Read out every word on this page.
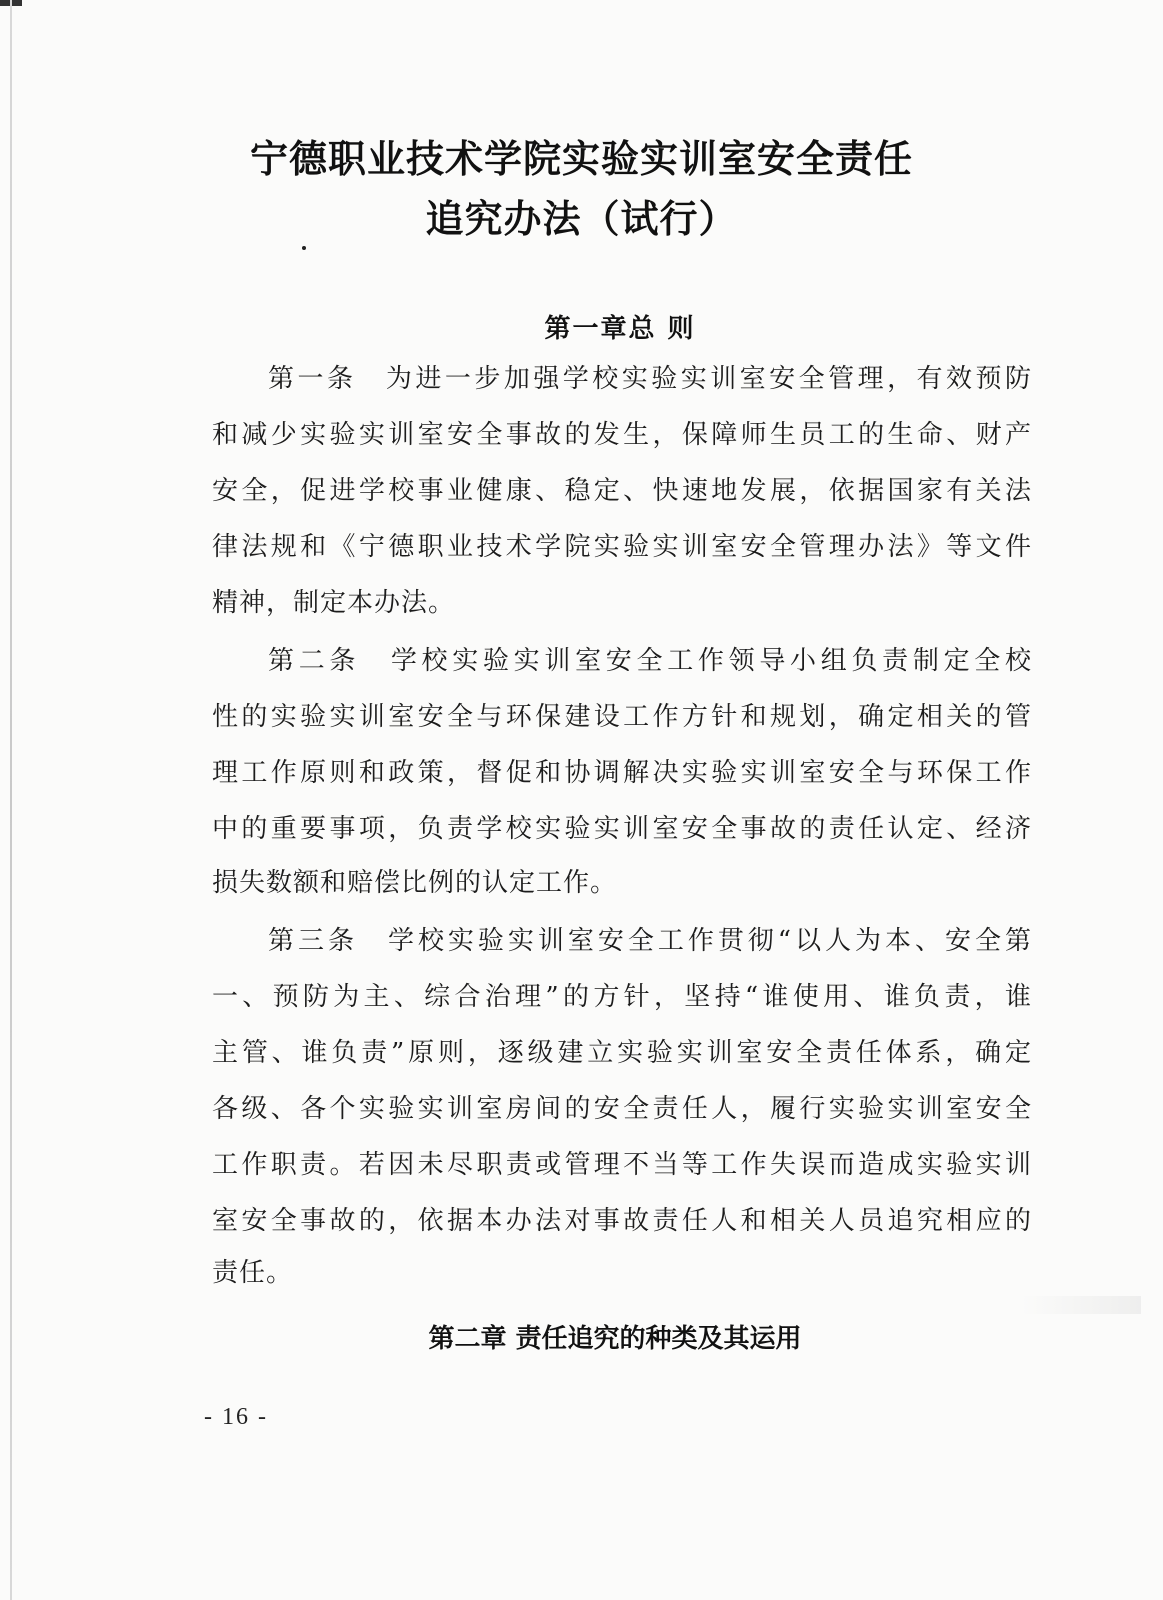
宁德职业技术学院实验实训室安全责任
追究办法（试行）
第一章总 则
第一条　为进一步加强学校实验实训室安全管理，有效预防
和减少实验实训室安全事故的发生，保障师生员工的生命、财产
安全，促进学校事业健康、稳定、快速地发展，依据国家有关法
律法规和《宁德职业技术学院实验实训室安全管理办法》等文件
精神，制定本办法。
第二条　学校实验实训室安全工作领导小组负责制定全校
性的实验实训室安全与环保建设工作方针和规划，确定相关的管
理工作原则和政策，督促和协调解决实验实训室安全与环保工作
中的重要事项，负责学校实验实训室安全事故的责任认定、经济
损失数额和赔偿比例的认定工作。
第三条　学校实验实训室安全工作贯彻“以人为本、安全第
一、预防为主、综合治理”的方针，坚持“谁使用、谁负责，谁
主管、谁负责”原则，逐级建立实验实训室安全责任体系，确定
各级、各个实验实训室房间的安全责任人，履行实验实训室安全
工作职责。若因未尽职责或管理不当等工作失误而造成实验实训
室安全事故的，依据本办法对事故责任人和相关人员追究相应的
责任。
第二章 责任追究的种类及其运用
- 16 -
